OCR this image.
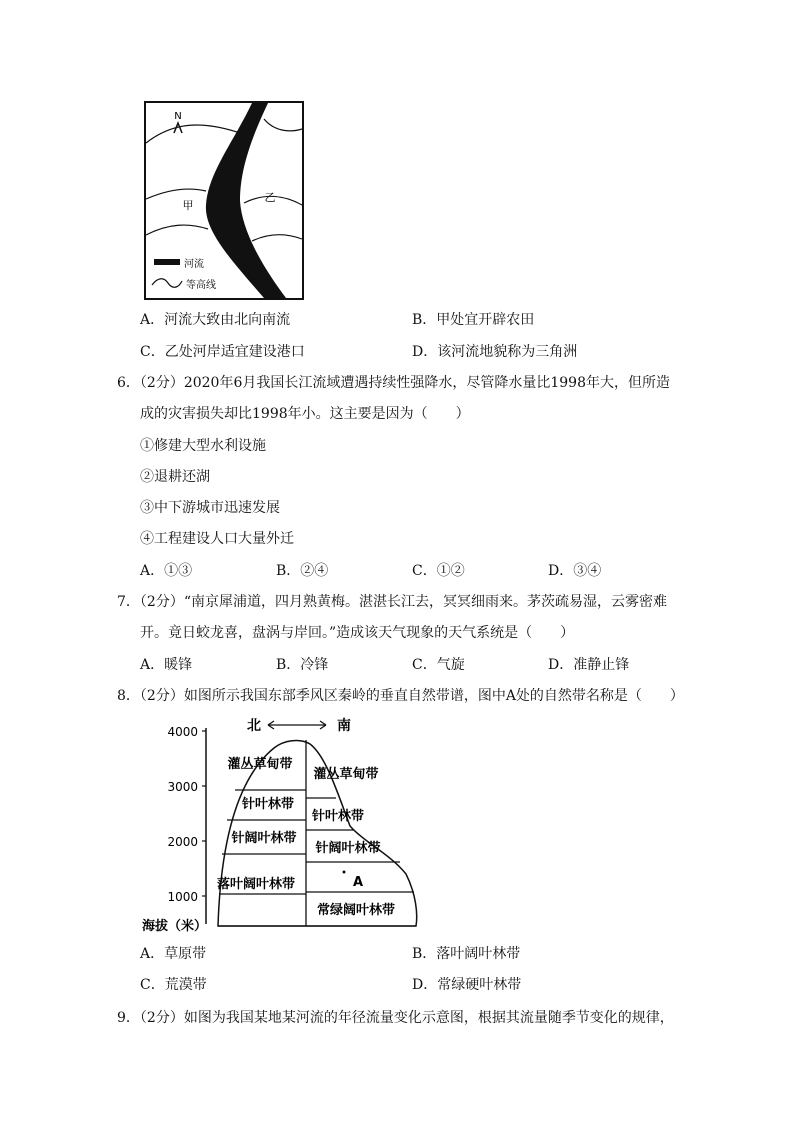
N
甲
乙
河流
等高线
A．河流大致由北向南流	B．甲处宜开辟农田
C．乙处河岸适宜建设港口	D．该河流地貌称为三角洲
6．（2分）2020年6月我国长江流域遭遇持续性强降水，尽管降水量比1998年大，但所造
成的灾害损失却比1998年小。这主要是因为（　　）
①修建大型水利设施
②退耕还湖
③中下游城市迅速发展
④工程建设人口大量外迁
A．①③	B．②④	C．①②	D．③④
7．（2分）“南京犀浦道，四月熟黄梅。湛湛长江去，冥冥细雨来。茅茨疏易湿，云雾密难
开。竟日蛟龙喜，盘涡与岸回。”造成该天气现象的天气系统是（　　）
A．暖锋	B．冷锋	C．气旋	D．准静止锋
8．（2分）如图所示我国东部季风区秦岭的垂直自然带谱，图中A处的自然带名称是（　　）
北	南
4000
3000
2000
1000
海拔（米）
灌丛草甸带
针叶林带
针阔叶林带
落叶阔叶林带
灌丛草甸带
针叶林带
针阔叶林带
A
常绿阔叶林带
A．草原带	B．落叶阔叶林带
C．荒漠带	D．常绿硬叶林带
9．（2分）如图为我国某地某河流的年径流量变化示意图，根据其流量随季节变化的规律，
